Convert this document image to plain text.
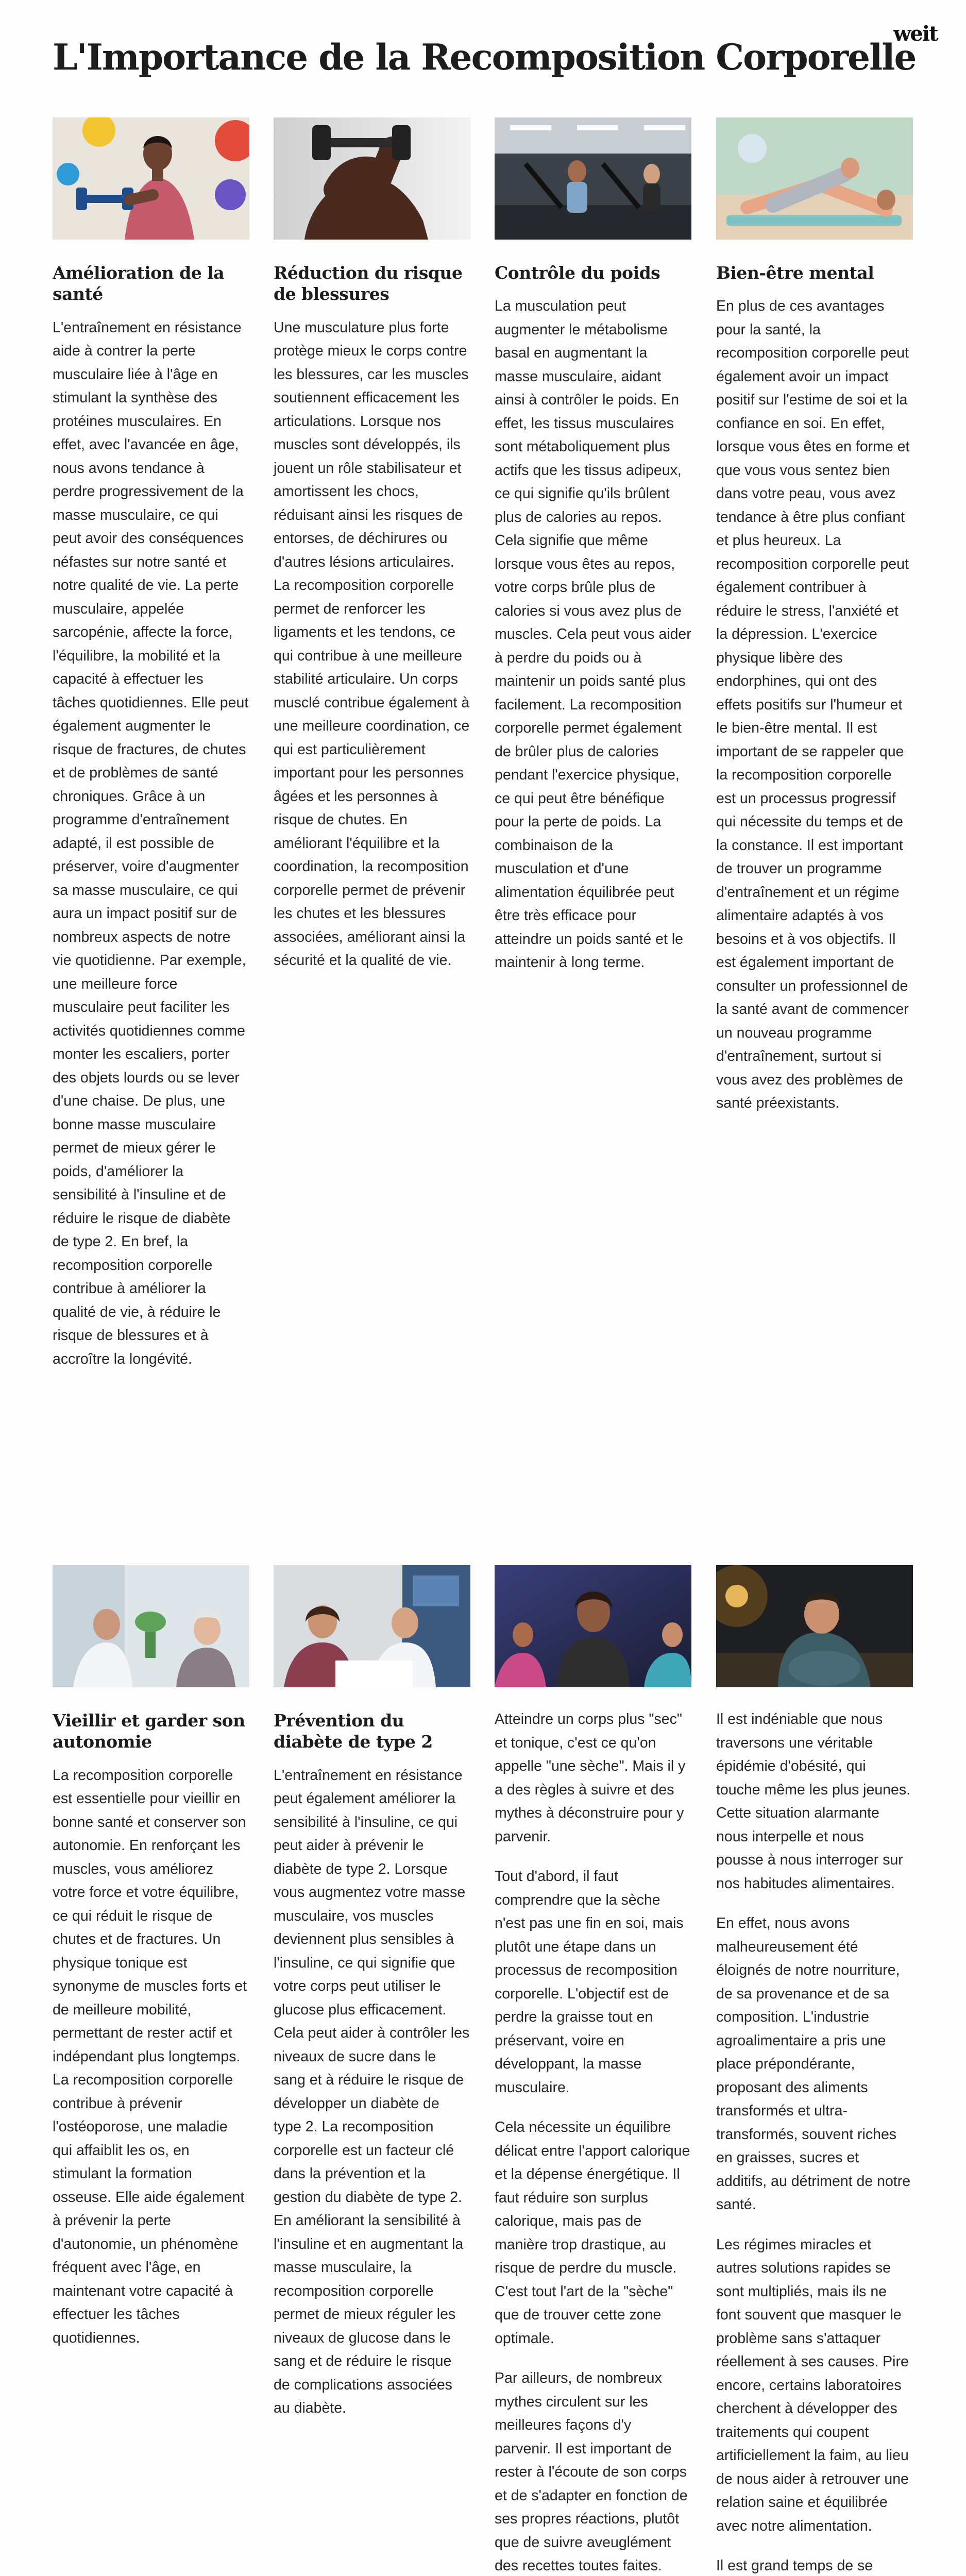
weit
L'Importance de la Recomposition Corporelle
Amélioration de la santé

L'entraînement en résistance aide à contrer la perte musculaire liée à l'âge en stimulant la synthèse des protéines musculaires. En effet, avec l'avancée en âge, nous avons tendance à perdre progressivement de la masse musculaire, ce qui peut avoir des conséquences néfastes sur notre santé et notre qualité de vie. La perte musculaire, appelée sarcopénie, affecte la force, l'équilibre, la mobilité et la capacité à effectuer les tâches quotidiennes. Elle peut également augmenter le risque de fractures, de chutes et de problèmes de santé chroniques. Grâce à un programme d'entraînement adapté, il est possible de préserver, voire d'augmenter sa masse musculaire, ce qui aura un impact positif sur de nombreux aspects de notre vie quotidienne. Par exemple, une meilleure force musculaire peut faciliter les activités quotidiennes comme monter les escaliers, porter des objets lourds ou se lever d'une chaise. De plus, une bonne masse musculaire permet de mieux gérer le poids, d'améliorer la sensibilité à l'insuline et de réduire le risque de diabète de type 2. En bref, la recomposition corporelle contribue à améliorer la qualité de vie, à réduire le risque de blessures et à accroître la longévité.

Réduction du risque de blessures

Une musculature plus forte protège mieux le corps contre les blessures, car les muscles soutiennent efficacement les articulations. Lorsque nos muscles sont développés, ils jouent un rôle stabilisateur et amortissent les chocs, réduisant ainsi les risques de entorses, de déchirures ou d'autres lésions articulaires. La recomposition corporelle permet de renforcer les ligaments et les tendons, ce qui contribue à une meilleure stabilité articulaire. Un corps musclé contribue également à une meilleure coordination, ce qui est particulièrement important pour les personnes âgées et les personnes à risque de chutes. En améliorant l'équilibre et la coordination, la recomposition corporelle permet de prévenir les chutes et les blessures associées, améliorant ainsi la sécurité et la qualité de vie.

Contrôle du poids

La musculation peut augmenter le métabolisme basal en augmentant la masse musculaire, aidant ainsi à contrôler le poids. En effet, les tissus musculaires sont métaboliquement plus actifs que les tissus adipeux, ce qui signifie qu'ils brûlent plus de calories au repos. Cela signifie que même lorsque vous êtes au repos, votre corps brûle plus de calories si vous avez plus de muscles. Cela peut vous aider à perdre du poids ou à maintenir un poids santé plus facilement. La recomposition corporelle permet également de brûler plus de calories pendant l'exercice physique, ce qui peut être bénéfique pour la perte de poids. La combinaison de la musculation et d'une alimentation équilibrée peut être très efficace pour atteindre un poids santé et le maintenir à long terme.

Bien-être mental

En plus de ces avantages pour la santé, la recomposition corporelle peut également avoir un impact positif sur l'estime de soi et la confiance en soi. En effet, lorsque vous êtes en forme et que vous vous sentez bien dans votre peau, vous avez tendance à être plus confiant et plus heureux. La recomposition corporelle peut également contribuer à réduire le stress, l'anxiété et la dépression. L'exercice physique libère des endorphines, qui ont des effets positifs sur l'humeur et le bien-être mental. Il est important de se rappeler que la recomposition corporelle est un processus progressif qui nécessite du temps et de la constance. Il est important de trouver un programme d'entraînement et un régime alimentaire adaptés à vos besoins et à vos objectifs. Il est également important de consulter un professionnel de la santé avant de commencer un nouveau programme d'entraînement, surtout si vous avez des problèmes de santé préexistants.

Vieillir et garder son autonomie

La recomposition corporelle est essentielle pour vieillir en bonne santé et conserver son autonomie. En renforçant les muscles, vous améliorez votre force et votre équilibre, ce qui réduit le risque de chutes et de fractures. Un physique tonique est synonyme de muscles forts et de meilleure mobilité, permettant de rester actif et indépendant plus longtemps. La recomposition corporelle contribue à prévenir l'ostéoporose, une maladie qui affaiblit les os, en stimulant la formation osseuse. Elle aide également à prévenir la perte d'autonomie, un phénomène fréquent avec l'âge, en maintenant votre capacité à effectuer les tâches quotidiennes.

Prévention du diabète de type 2

L'entraînement en résistance peut également améliorer la sensibilité à l'insuline, ce qui peut aider à prévenir le diabète de type 2. Lorsque vous augmentez votre masse musculaire, vos muscles deviennent plus sensibles à l'insuline, ce qui signifie que votre corps peut utiliser le glucose plus efficacement. Cela peut aider à contrôler les niveaux de sucre dans le sang et à réduire le risque de développer un diabète de type 2. La recomposition corporelle est un facteur clé dans la prévention et la gestion du diabète de type 2. En améliorant la sensibilité à l'insuline et en augmentant la masse musculaire, la recomposition corporelle permet de mieux réguler les niveaux de glucose dans le sang et de réduire le risque de complications associées au diabète.

Atteindre un corps plus "sec" et tonique, c'est ce qu'on appelle "une sèche". Mais il y a des règles à suivre et des mythes à déconstruire pour y parvenir.

Tout d'abord, il faut comprendre que la sèche n'est pas une fin en soi, mais plutôt une étape dans un processus de recomposition corporelle. L'objectif est de perdre la graisse tout en préservant, voire en développant, la masse musculaire.

Cela nécessite un équilibre délicat entre l'apport calorique et la dépense énergétique. Il faut réduire son surplus calorique, mais pas de manière trop drastique, au risque de perdre du muscle. C'est tout l'art de la "sèche" que de trouver cette zone optimale.

Par ailleurs, de nombreux mythes circulent sur les meilleures façons d'y parvenir. Il est important de rester à l'écoute de son corps et de s'adapter en fonction de ses propres réactions, plutôt que de suivre aveuglément des recettes toutes faites.

Il est indéniable que nous traversons une véritable épidémie d'obésité, qui touche même les plus jeunes. Cette situation alarmante nous interpelle et nous pousse à nous interroger sur nos habitudes alimentaires.

En effet, nous avons malheureusement été éloignés de notre nourriture, de sa provenance et de sa composition. L'industrie agroalimentaire a pris une place prépondérante, proposant des aliments transformés et ultra-transformés, souvent riches en graisses, sucres et additifs, au détriment de notre santé.

Les régimes miracles et autres solutions rapides se sont multipliés, mais ils ne font souvent que masquer le problème sans s'attaquer réellement à ses causes. Pire encore, certains laboratoires cherchent à développer des traitements qui coupent artificiellement la faim, au lieu de nous aider à retrouver une relation saine et équilibrée avec notre alimentation.

Il est grand temps de se
